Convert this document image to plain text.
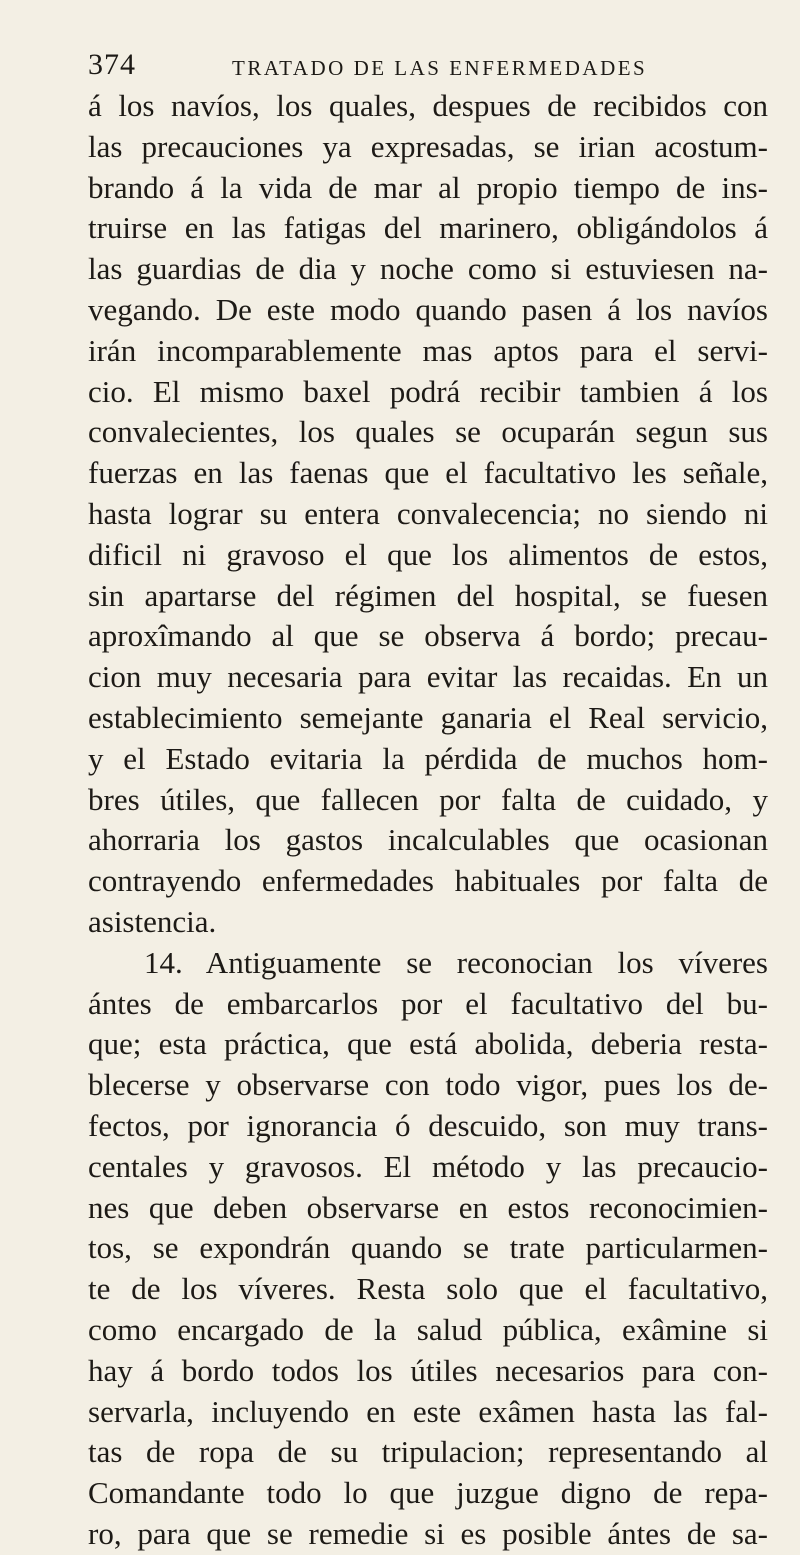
374	TRATADO DE LAS ENFERMEDADES
á los navíos, los quales, despues de recibidos con
las precauciones ya expresadas, se irian acostum-
brando á la vida de mar al propio tiempo de ins-
truirse en las fatigas del marinero, obligándolos á
las guardias de dia y noche como si estuviesen na-
vegando. De este modo quando pasen á los navíos
irán incomparablemente mas aptos para el servi-
cio. El mismo baxel podrá recibir tambien á los
convalecientes, los quales se ocuparán segun sus
fuerzas en las faenas que el facultativo les señale,
hasta lograr su entera convalecencia; no siendo ni
dificil ni gravoso el que los alimentos de estos,
sin apartarse del régimen del hospital, se fuesen
aproxîmando al que se observa á bordo; precau-
cion muy necesaria para evitar las recaidas. En un
establecimiento semejante ganaria el Real servicio,
y el Estado evitaria la pérdida de muchos hom-
bres útiles, que fallecen por falta de cuidado, y
ahorraria los gastos incalculables que ocasionan
contrayendo enfermedades habituales por falta de
asistencia.
14. Antiguamente se reconocian los víveres
ántes de embarcarlos por el facultativo del bu-
que; esta práctica, que está abolida, deberia resta-
blecerse y observarse con todo vigor, pues los de-
fectos, por ignorancia ó descuido, son muy trans-
centales y gravosos. El método y las precaucio-
nes que deben observarse en estos reconocimien-
tos, se expondrán quando se trate particularmen-
te de los víveres. Resta solo que el facultativo,
como encargado de la salud pública, exâmine si
hay á bordo todos los útiles necesarios para con-
servarla, incluyendo en este exâmen hasta las fal-
tas de ropa de su tripulacion; representando al
Comandante todo lo que juzgue digno de repa-
ro, para que se remedie si es posible ántes de sa-
